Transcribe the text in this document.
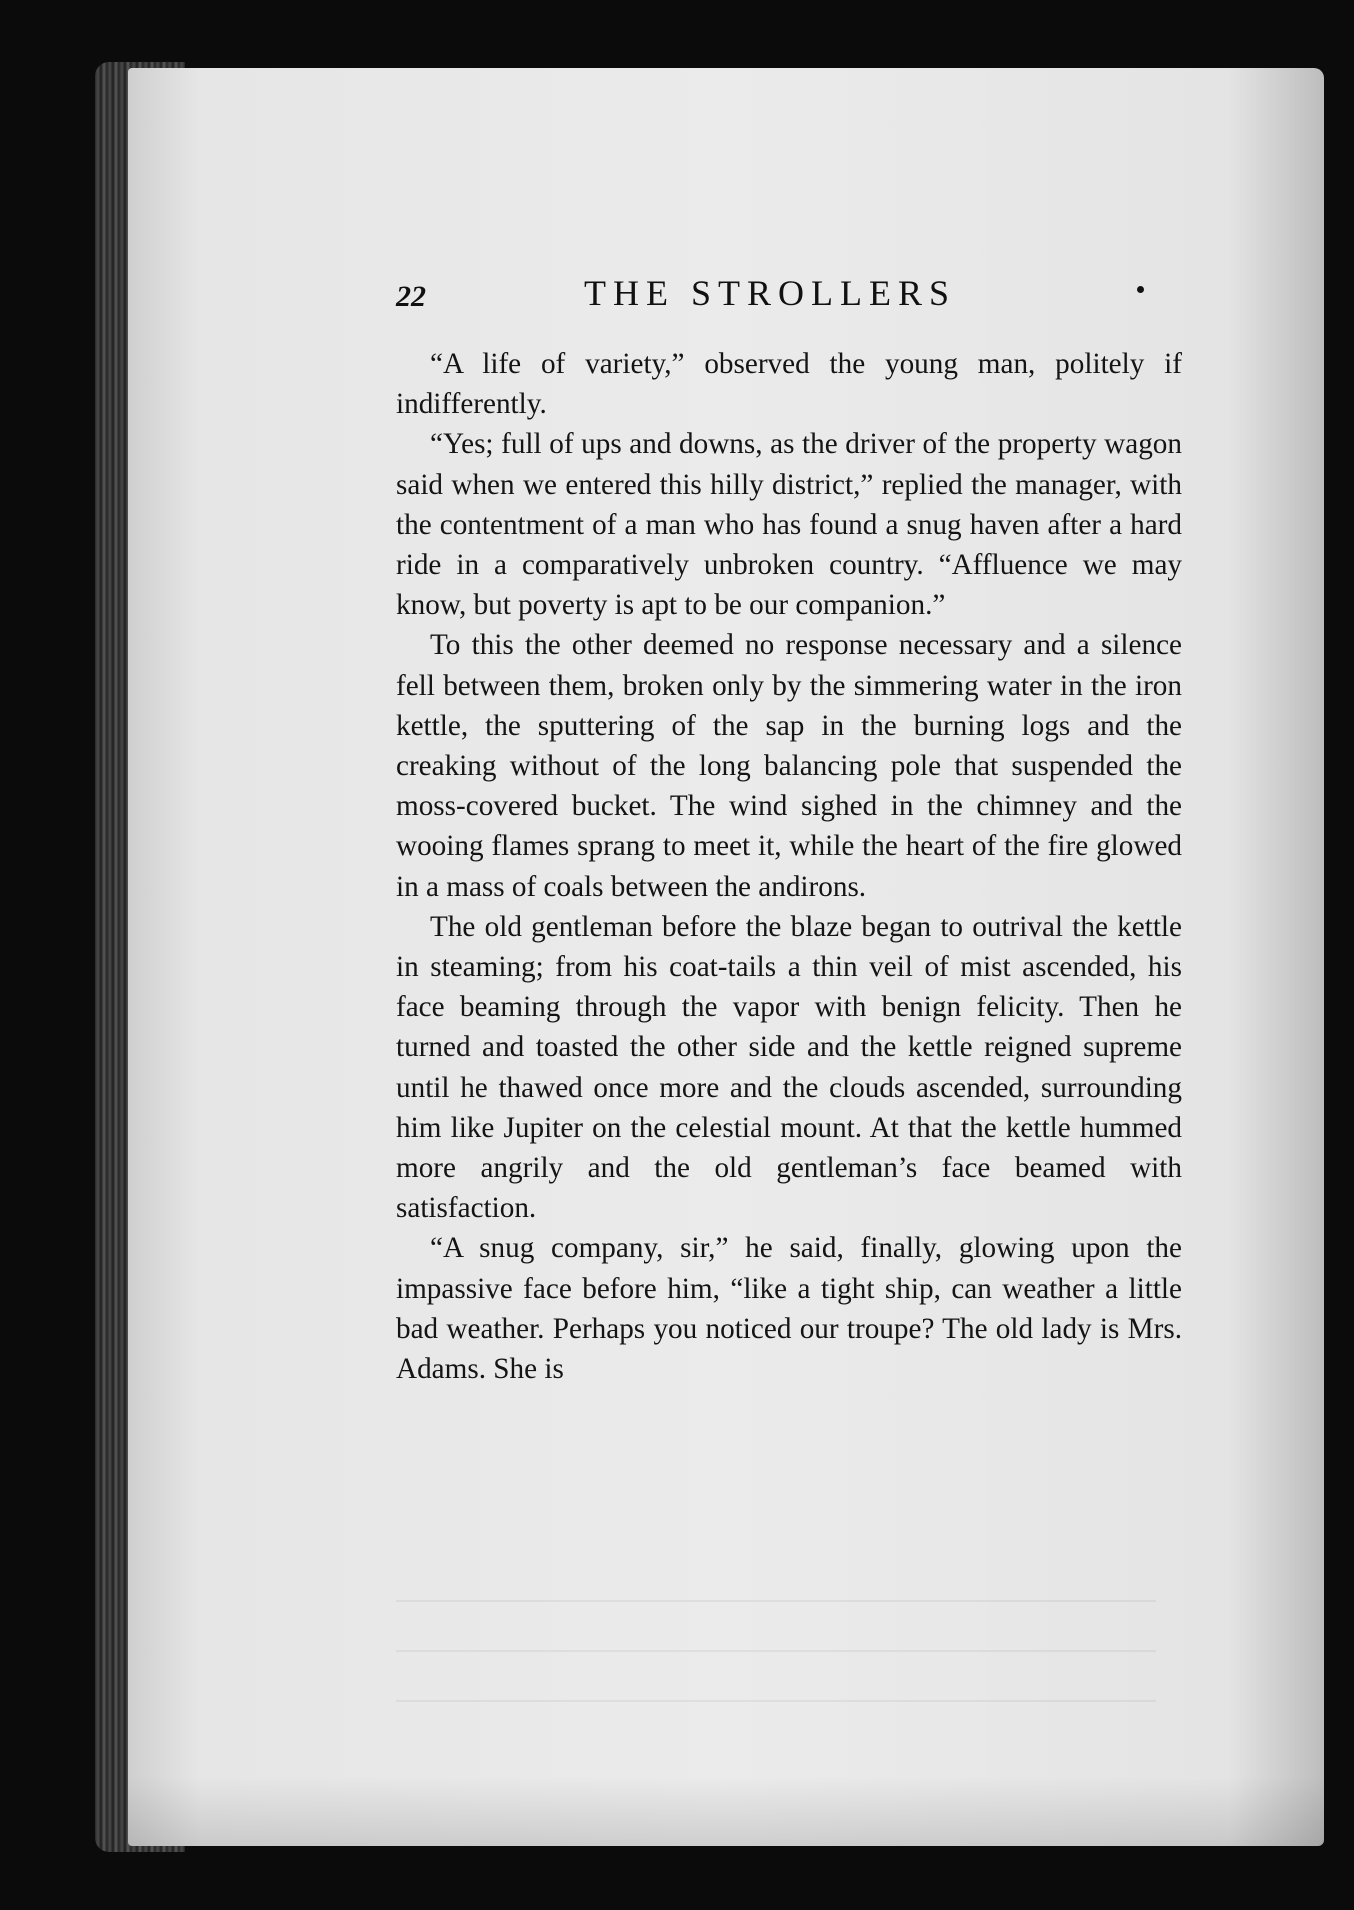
22	THE STROLLERS

“A life of variety,” observed the young man, politely if indifferently.

“Yes; full of ups and downs, as the driver of the property wagon said when we entered this hilly district,” replied the manager, with the contentment of a man who has found a snug haven after a hard ride in a comparatively unbroken country. “Affluence we may know, but poverty is apt to be our companion.”

To this the other deemed no response necessary and a silence fell between them, broken only by the simmering water in the iron kettle, the sputtering of the sap in the burning logs and the creaking without of the long balancing pole that suspended the moss-covered bucket. The wind sighed in the chimney and the wooing flames sprang to meet it, while the heart of the fire glowed in a mass of coals between the andirons.

The old gentleman before the blaze began to outrival the kettle in steaming; from his coat-tails a thin veil of mist ascended, his face beaming through the vapor with benign felicity. Then he turned and toasted the other side and the kettle reigned supreme until he thawed once more and the clouds ascended, surrounding him like Jupiter on the celestial mount. At that the kettle hummed more angrily and the old gentleman’s face beamed with satisfaction.

“A snug company, sir,” he said, finally, glowing upon the impassive face before him, “like a tight ship, can weather a little bad weather. Perhaps you noticed our troupe? The old lady is Mrs. Adams. She is
